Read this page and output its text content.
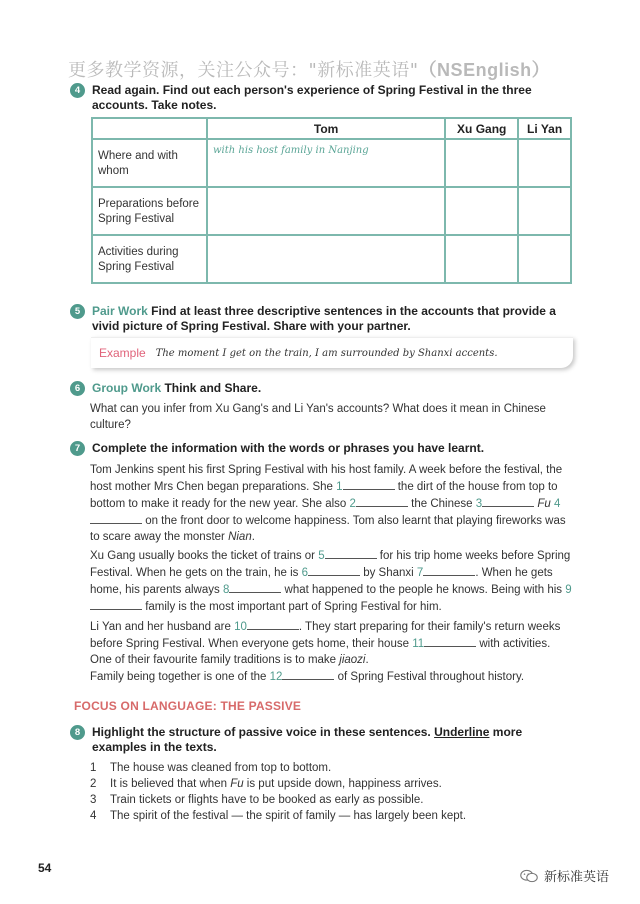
更多教学资源，关注公众号："新标准英语"（NSEnglish）
4 Read again. Find out each person's experience of Spring Festival in the three accounts. Take notes.
	Tom	Xu Gang	Li Yan
Where and with whom	with his host family in Nanjing		
Preparations before Spring Festival			
Activities during Spring Festival			
5 Pair Work Find at least three descriptive sentences in the accounts that provide a vivid picture of Spring Festival. Share with your partner.
Example The moment I get on the train, I am surrounded by Shanxi accents.
6 Group Work Think and Share.
What can you infer from Xu Gang's and Li Yan's accounts? What does it mean in Chinese culture?
7 Complete the information with the words or phrases you have learnt.
Tom Jenkins spent his first Spring Festival with his host family. A week before the festival, the host mother Mrs Chen began preparations. She 1	the dirt of the house from top to bottom to make it ready for the new year. She also 2	the Chinese 3	Fu 4 on the front door to welcome happiness. Tom also learnt that playing fireworks was to scare away the monster Nian.
Xu Gang usually books the ticket of trains or 5	for his trip home weeks before Spring Festival. When he gets on the train, he is 6	by Shanxi 7	. When he gets home, his parents always 8	what happened to the people he knows. Being with his 9 family is the most important part of Spring Festival for him.
Li Yan and her husband are 10	. They start preparing for their family's return weeks before Spring Festival. When everyone gets home, their house 11	with activities. One of their favourite family traditions is to make jiaozi.
Family being together is one of the 12	of Spring Festival throughout history.
FOCUS ON LANGUAGE: THE PASSIVE
8 Highlight the structure of passive voice in these sentences. Underline more examples in the texts.
1	The house was cleaned from top to bottom.
2	It is believed that when Fu is put upside down, happiness arrives.
3	Train tickets or flights have to be booked as early as possible.
4	The spirit of the festival — the spirit of family — has largely been kept.
54
新标准英语
